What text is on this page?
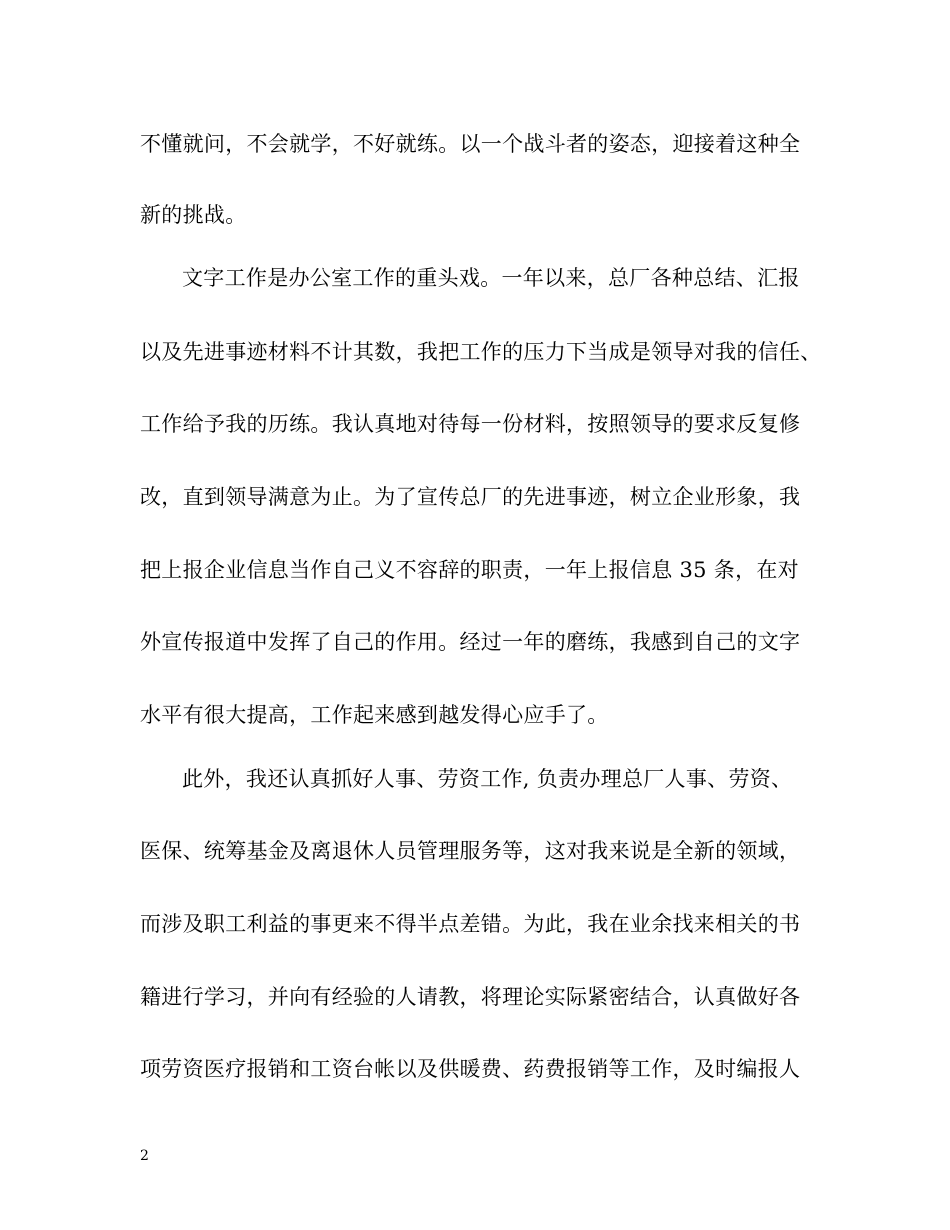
不懂就问，不会就学，不好就练。以一个战斗者的姿态，迎接着这种全
新的挑战。
文字工作是办公室工作的重头戏。一年以来，总厂各种总结、汇报
以及先进事迹材料不计其数，我把工作的压力下当成是领导对我的信任、
工作给予我的历练。我认真地对待每一份材料，按照领导的要求反复修
改，直到领导满意为止。为了宣传总厂的先进事迹，树立企业形象，我
把上报企业信息当作自己义不容辞的职责，一年上报信息 35 条，在对
外宣传报道中发挥了自己的作用。经过一年的磨练，我感到自己的文字
水平有很大提高，工作起来感到越发得心应手了。
此外，我还认真抓好人事、劳资工作, 负责办理总厂人事、劳资、
医保、统筹基金及离退休人员管理服务等，这对我来说是全新的领域，
而涉及职工利益的事更来不得半点差错。为此，我在业余找来相关的书
籍进行学习，并向有经验的人请教，将理论实际紧密结合，认真做好各
项劳资医疗报销和工资台帐以及供暖费、药费报销等工作，及时编报人
2
